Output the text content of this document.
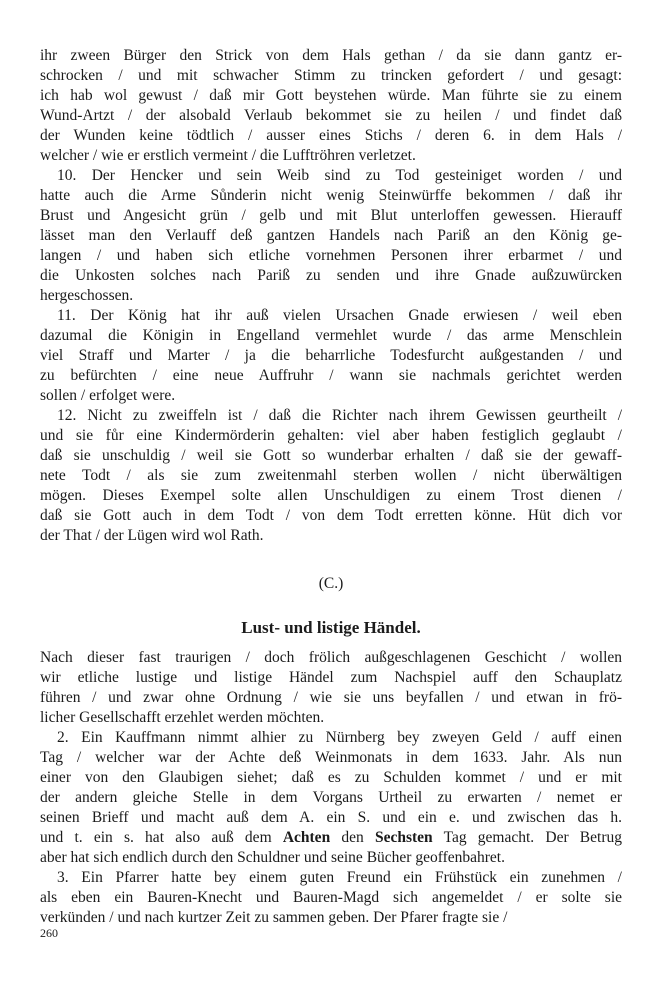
ihr zween Bürger den Strick von dem Hals gethan / da sie dann gantz er-
schrocken / und mit schwacher Stimm zu trincken gefordert / und gesagt:
ich hab wol gewust / daß mir Gott beystehen würde. Man führte sie zu einem
Wund-Artzt / der alsobald Verlaub bekommet sie zu heilen / und findet daß
der Wunden keine tödtlich / ausser eines Stichs / deren 6. in dem Hals /
welcher / wie er erstlich vermeint / die Lufftröhren verletzet.

10. Der Hencker und sein Weib sind zu Tod gesteiniget worden / und
hatte auch die Arme Sůnderin nicht wenig Steinwürffe bekommen / daß ihr
Brust und Angesicht grün / gelb und mit Blut unterloffen gewessen. Hierauff
lässet man den Verlauff deß gantzen Handels nach Pariß an den König ge-
langen / und haben sich etliche vornehmen Personen ihrer erbarmet / und
die Unkosten solches nach Pariß zu senden und ihre Gnade außzuwürcken
hergeschossen.

11. Der König hat ihr auß vielen Ursachen Gnade erwiesen / weil eben
dazumal die Königin in Engelland vermehlet wurde / das arme Menschlein
viel Straff und Marter / ja die beharrliche Todesfurcht außgestanden / und
zu befürchten / eine neue Auffruhr / wann sie nachmals gerichtet werden
sollen / erfolget were.

12. Nicht zu zweiffeln ist / daß die Richter nach ihrem Gewissen geurtheilt /
und sie fůr eine Kindermörderin gehalten: viel aber haben festiglich geglaubt /
daß sie unschuldig / weil sie Gott so wunderbar erhalten / daß sie der gewaff-
nete Todt / als sie zum zweitenmahl sterben wollen / nicht überwältigen
mögen. Dieses Exempel solte allen Unschuldigen zu einem Trost dienen /
daß sie Gott auch in dem Todt / von dem Todt erretten könne. Hüt dich vor
der That / der Lügen wird wol Rath.

(C.)
Lust- und listige Händel.

Nach dieser fast traurigen / doch frölich außgeschlagenen Geschicht / wollen
wir etliche lustige und listige Händel zum Nachspiel auff den Schauplatz
führen / und zwar ohne Ordnung / wie sie uns beyfallen / und etwan in frö-
licher Gesellschafft erzehlet werden möchten.

2. Ein Kauffmann nimmt alhier zu Nürnberg bey zweyen Geld / auff einen
Tag / welcher war der Achte deß Weinmonats in dem 1633. Jahr. Als nun
einer von den Glaubigen siehet; daß es zu Schulden kommet / und er mit
der andern gleiche Stelle in dem Vorgans Urtheil zu erwarten / nemet er
seinen Brieff und macht auß dem A. ein S. und ein e. und zwischen das h.
und t. ein s. hat also auß dem Achten den Sechsten Tag gemacht. Der Betrug
aber hat sich endlich durch den Schuldner und seine Bücher geoffenbahret.

3. Ein Pfarrer hatte bey einem guten Freund ein Frühstück ein zunehmen /
als eben ein Bauren-Knecht und Bauren-Magd sich angemeldet / er solte sie
verkünden / und nach kurtzer Zeit zu sammen geben. Der Pfarer fragte sie /

260
